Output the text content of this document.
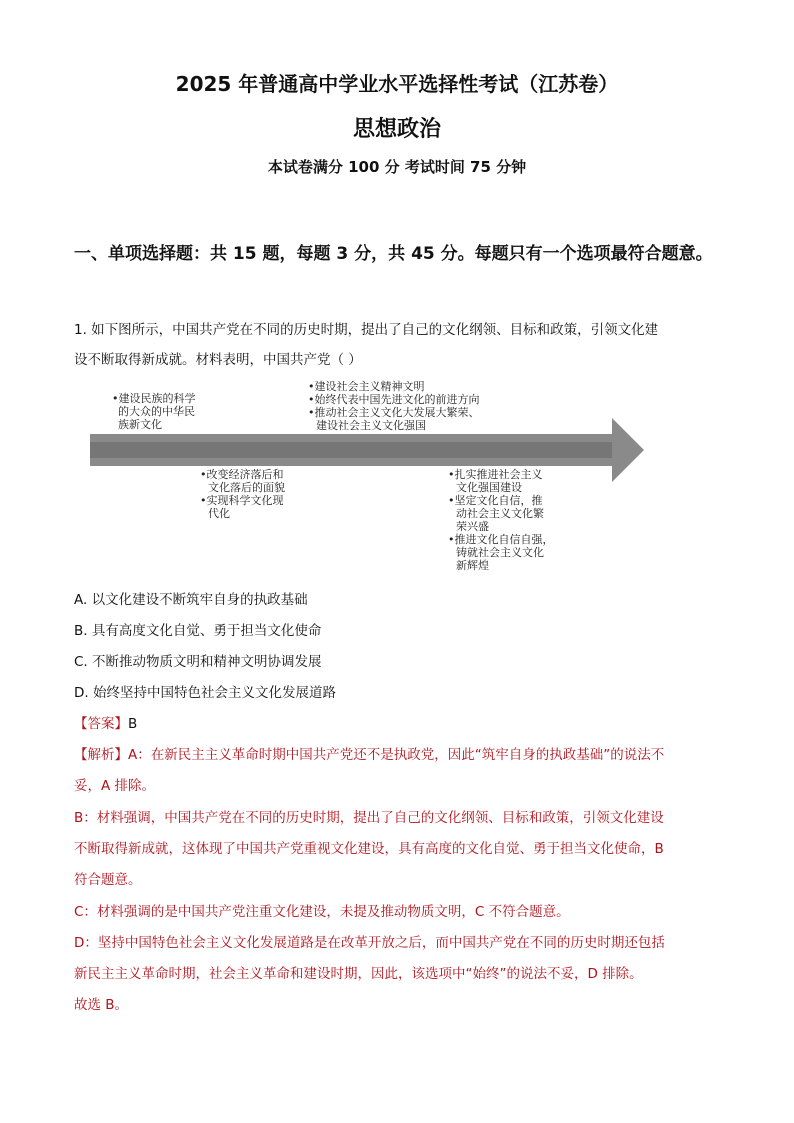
2025 年普通高中学业水平选择性考试（江苏卷）
思想政治
本试卷满分 100 分 考试时间 75 分钟
一、单项选择题：共 15 题，每题 3 分，共 45 分。每题只有一个选项最符合题意。
1. 如下图所示，中国共产党在不同的历史时期，提出了自己的文化纲领、目标和政策，引领文化建
设不断取得新成就。材料表明，中国共产党（ ）
•建设民族的科学
的大众的中华民
族新文化
•建设社会主义精神文明
•始终代表中国先进文化的前进方向
•推动社会主义文化大发展大繁荣、
建设社会主义文化强国
•改变经济落后和
文化落后的面貌
•实现科学文化现
代化
•扎实推进社会主义
文化强国建设
•坚定文化自信，推
动社会主义文化繁
荣兴盛
•推进文化自信自强，
铸就社会主义文化
新辉煌
A. 以文化建设不断筑牢自身的执政基础
B. 具有高度文化自觉、勇于担当文化使命
C. 不断推动物质文明和精神文明协调发展
D. 始终坚持中国特色社会主义文化发展道路
【答案】B
【解析】A：在新民主主义革命时期中国共产党还不是执政党，因此“筑牢自身的执政基础”的说法不
妥，A 排除。
B：材料强调，中国共产党在不同的历史时期，提出了自己的文化纲领、目标和政策，引领文化建设
不断取得新成就，这体现了中国共产党重视文化建设，具有高度的文化自觉、勇于担当文化使命，B
符合题意。
C：材料强调的是中国共产党注重文化建设，未提及推动物质文明，C 不符合题意。
D：坚持中国特色社会主义文化发展道路是在改革开放之后，而中国共产党在不同的历史时期还包括
新民主主义革命时期，社会主义革命和建设时期，因此，该选项中“始终”的说法不妥，D 排除。
故选 B。
